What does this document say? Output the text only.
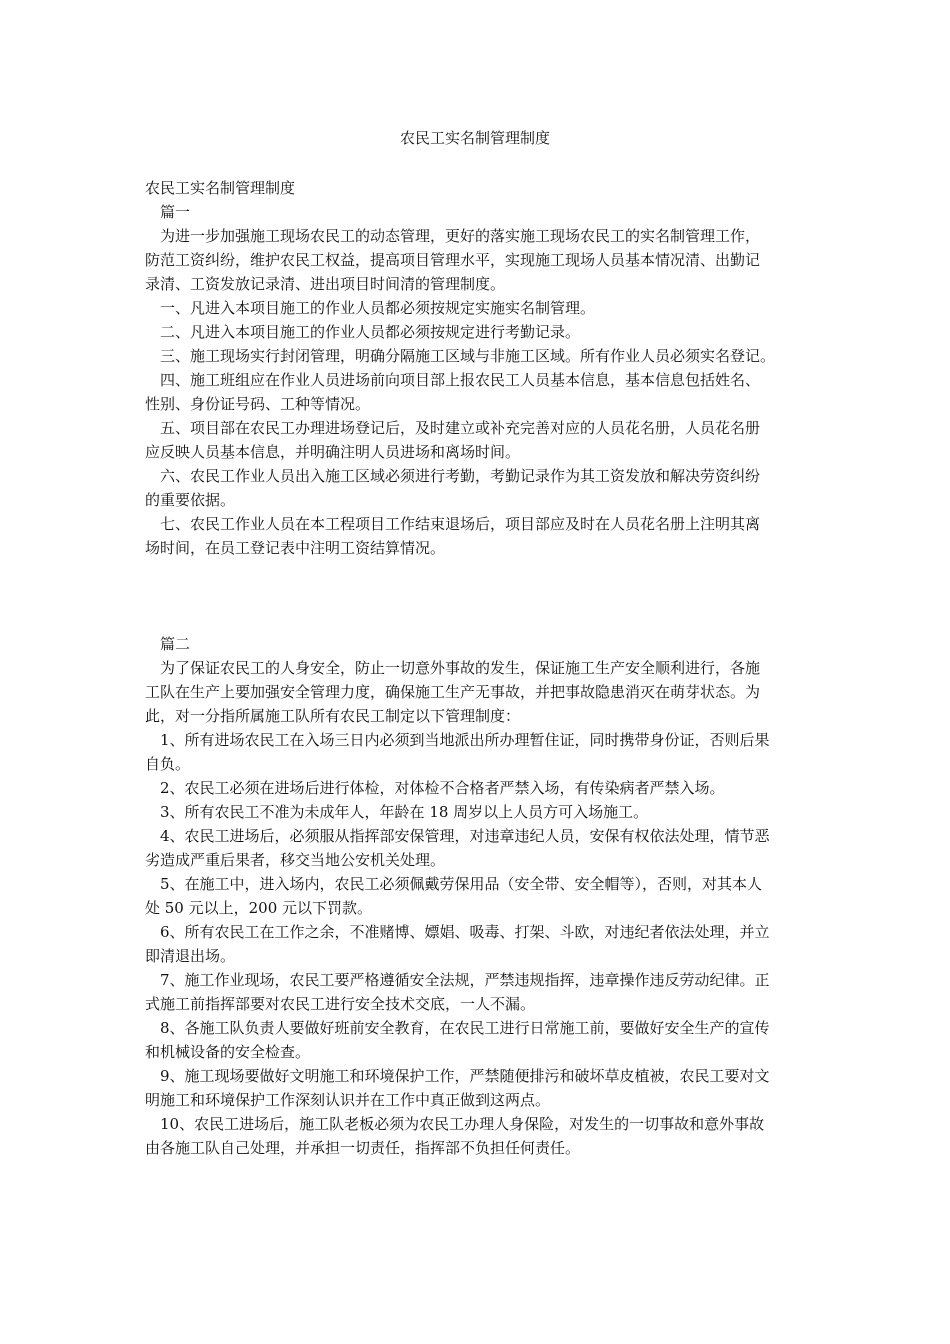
农民工实名制管理制度

农民工实名制管理制度

篇一

为进一步加强施工现场农民工的动态管理，更好的落实施工现场农民工的实名制管理工作，

防范工资纠纷，维护农民工权益，提高项目管理水平，实现施工现场人员基本情况清、出勤记

录清、工资发放记录清、进出项目时间清的管理制度。

一、凡进入本项目施工的作业人员都必须按规定实施实名制管理。

二、凡进入本项目施工的作业人员都必须按规定进行考勤记录。

三、施工现场实行封闭管理，明确分隔施工区域与非施工区域。所有作业人员必须实名登记。

四、施工班组应在作业人员进场前向项目部上报农民工人员基本信息，基本信息包括姓名、

性别、身份证号码、工种等情况。

五、项目部在农民工办理进场登记后，及时建立或补充完善对应的人员花名册，人员花名册

应反映人员基本信息，并明确注明人员进场和离场时间。

六、农民工作业人员出入施工区域必须进行考勤，考勤记录作为其工资发放和解决劳资纠纷

的重要依据。

七、农民工作业人员在本工程项目工作结束退场后，项目部应及时在人员花名册上注明其离

场时间，在员工登记表中注明工资结算情况。

篇二

为了保证农民工的人身安全，防止一切意外事故的发生，保证施工生产安全顺利进行，各施

工队在生产上要加强安全管理力度，确保施工生产无事故，并把事故隐患消灭在萌芽状态。为

此，对一分指所属施工队所有农民工制定以下管理制度：

1、所有进场农民工在入场三日内必须到当地派出所办理暂住证，同时携带身份证，否则后果

自负。

2、农民工必须在进场后进行体检，对体检不合格者严禁入场，有传染病者严禁入场。

3、所有农民工不准为未成年人，年龄在 18 周岁以上人员方可入场施工。

4、农民工进场后，必须服从指挥部安保管理，对违章违纪人员，安保有权依法处理，情节恶

劣造成严重后果者，移交当地公安机关处理。

5、在施工中，进入场内，农民工必须佩戴劳保用品（安全带、安全帽等），否则，对其本人

处 50 元以上，200 元以下罚款。

6、所有农民工在工作之余，不准赌博、嫖娼、吸毒、打架、斗欧，对违纪者依法处理，并立

即清退出场。

7、施工作业现场，农民工要严格遵循安全法规，严禁违规指挥，违章操作违反劳动纪律。正

式施工前指挥部要对农民工进行安全技术交底，一人不漏。

8、各施工队负责人要做好班前安全教育，在农民工进行日常施工前，要做好安全生产的宣传

和机械设备的安全检查。

9、施工现场要做好文明施工和环境保护工作，严禁随便排污和破坏草皮植被，农民工要对文

明施工和环境保护工作深刻认识并在工作中真正做到这两点。

10、农民工进场后，施工队老板必须为农民工办理人身保险，对发生的一切事故和意外事故

由各施工队自己处理，并承担一切责任，指挥部不负担任何责任。
